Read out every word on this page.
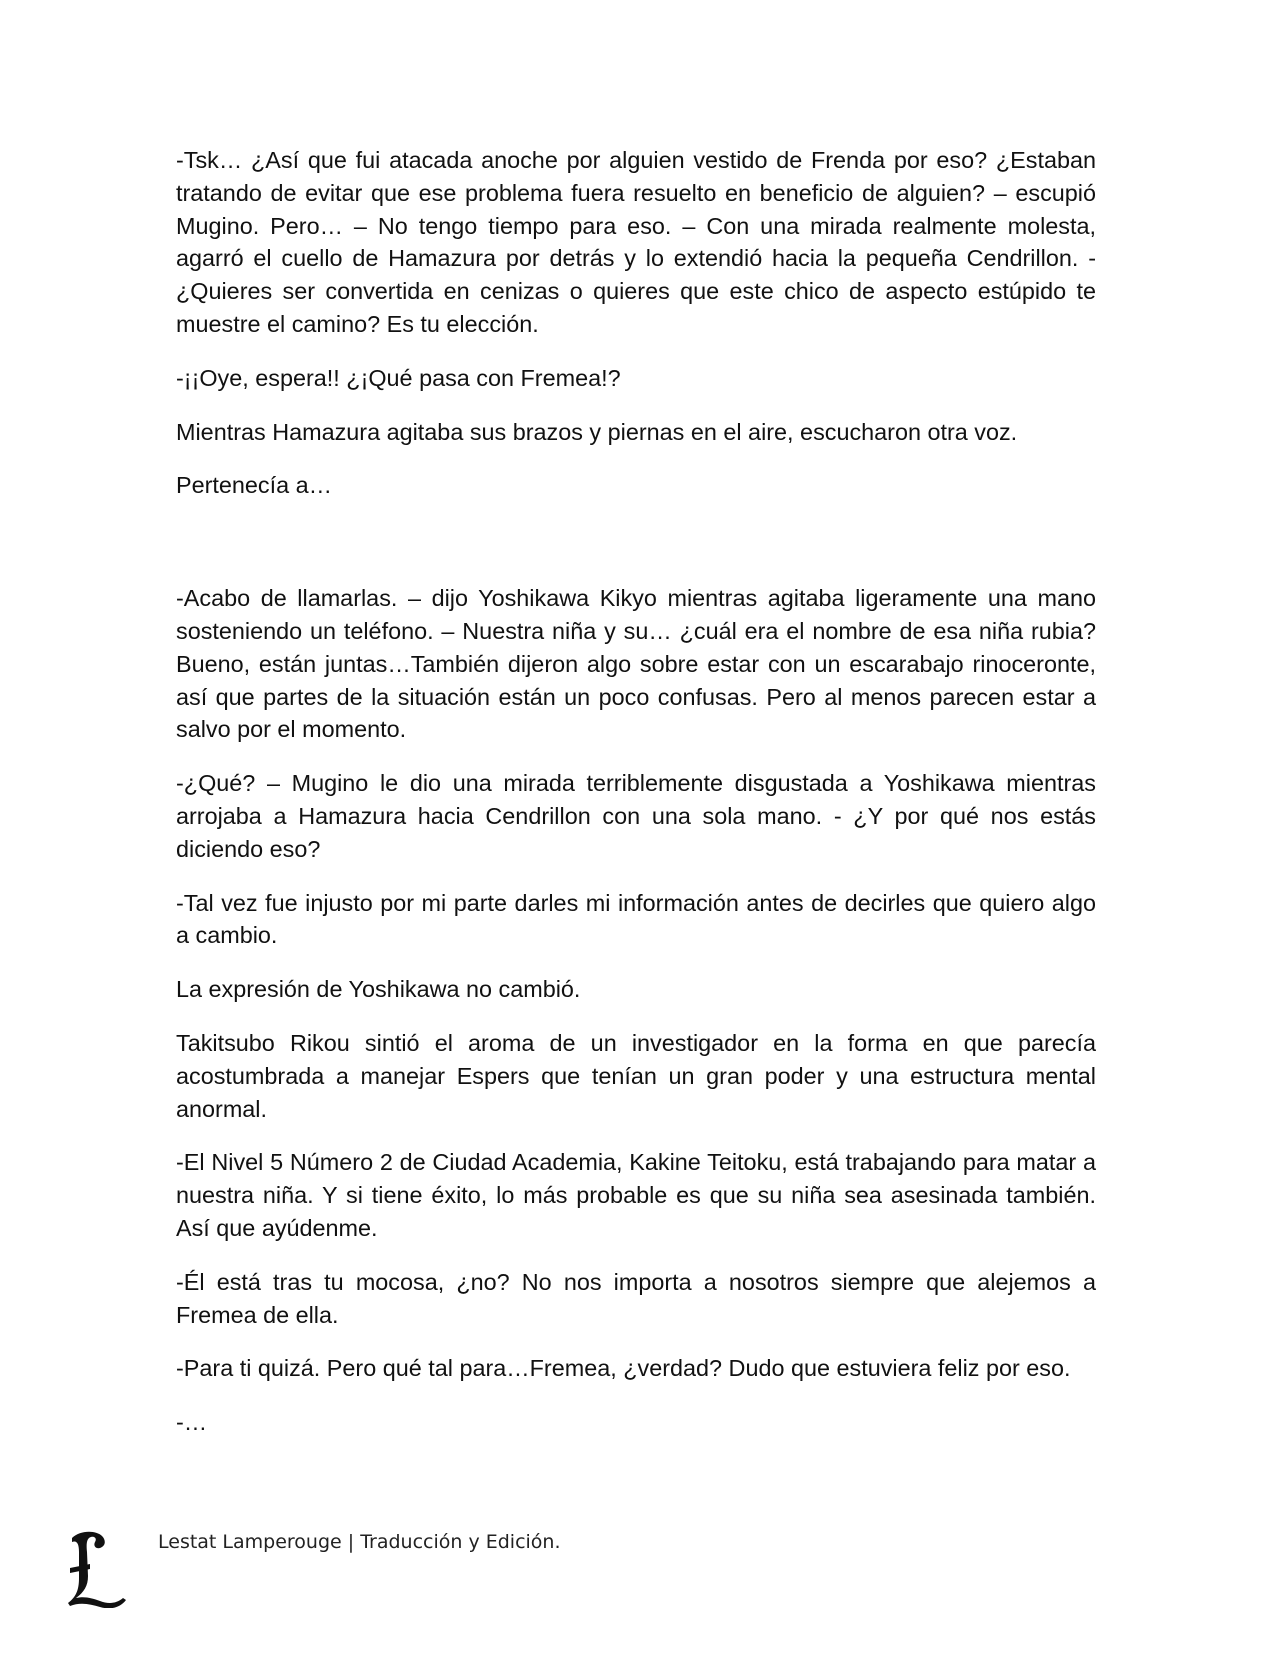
-Tsk… ¿Así que fui atacada anoche por alguien vestido de Frenda por eso? ¿Estaban tratando de evitar que ese problema fuera resuelto en beneficio de alguien? – escupió Mugino. Pero… – No tengo tiempo para eso. – Con una mirada realmente molesta, agarró el cuello de Hamazura por detrás y lo extendió hacia la pequeña Cendrillon. - ¿Quieres ser convertida en cenizas o quieres que este chico de aspecto estúpido te muestre el camino? Es tu elección.

-¡¡Oye, espera!! ¿¡Qué pasa con Fremea!?

Mientras Hamazura agitaba sus brazos y piernas en el aire, escucharon otra voz.

Pertenecía a…

-Acabo de llamarlas. – dijo Yoshikawa Kikyo mientras agitaba ligeramente una mano sosteniendo un teléfono. – Nuestra niña y su… ¿cuál era el nombre de esa niña rubia? Bueno, están juntas…También dijeron algo sobre estar con un escarabajo rinoceronte, así que partes de la situación están un poco confusas. Pero al menos parecen estar a salvo por el momento.

-¿Qué? – Mugino le dio una mirada terriblemente disgustada a Yoshikawa mientras arrojaba a Hamazura hacia Cendrillon con una sola mano. - ¿Y por qué nos estás diciendo eso?

-Tal vez fue injusto por mi parte darles mi información antes de decirles que quiero algo a cambio.

La expresión de Yoshikawa no cambió.

Takitsubo Rikou sintió el aroma de un investigador en la forma en que parecía acostumbrada a manejar Espers que tenían un gran poder y una estructura mental anormal.

-El Nivel 5 Número 2 de Ciudad Academia, Kakine Teitoku, está trabajando para matar a nuestra niña. Y si tiene éxito, lo más probable es que su niña sea asesinada también. Así que ayúdenme.

-Él está tras tu mocosa, ¿no? No nos importa a nosotros siempre que alejemos a Fremea de ella.

-Para ti quizá. Pero qué tal para…Fremea, ¿verdad? Dudo que estuviera feliz por eso.

-…

Lestat Lamperouge | Traducción y Edición.
